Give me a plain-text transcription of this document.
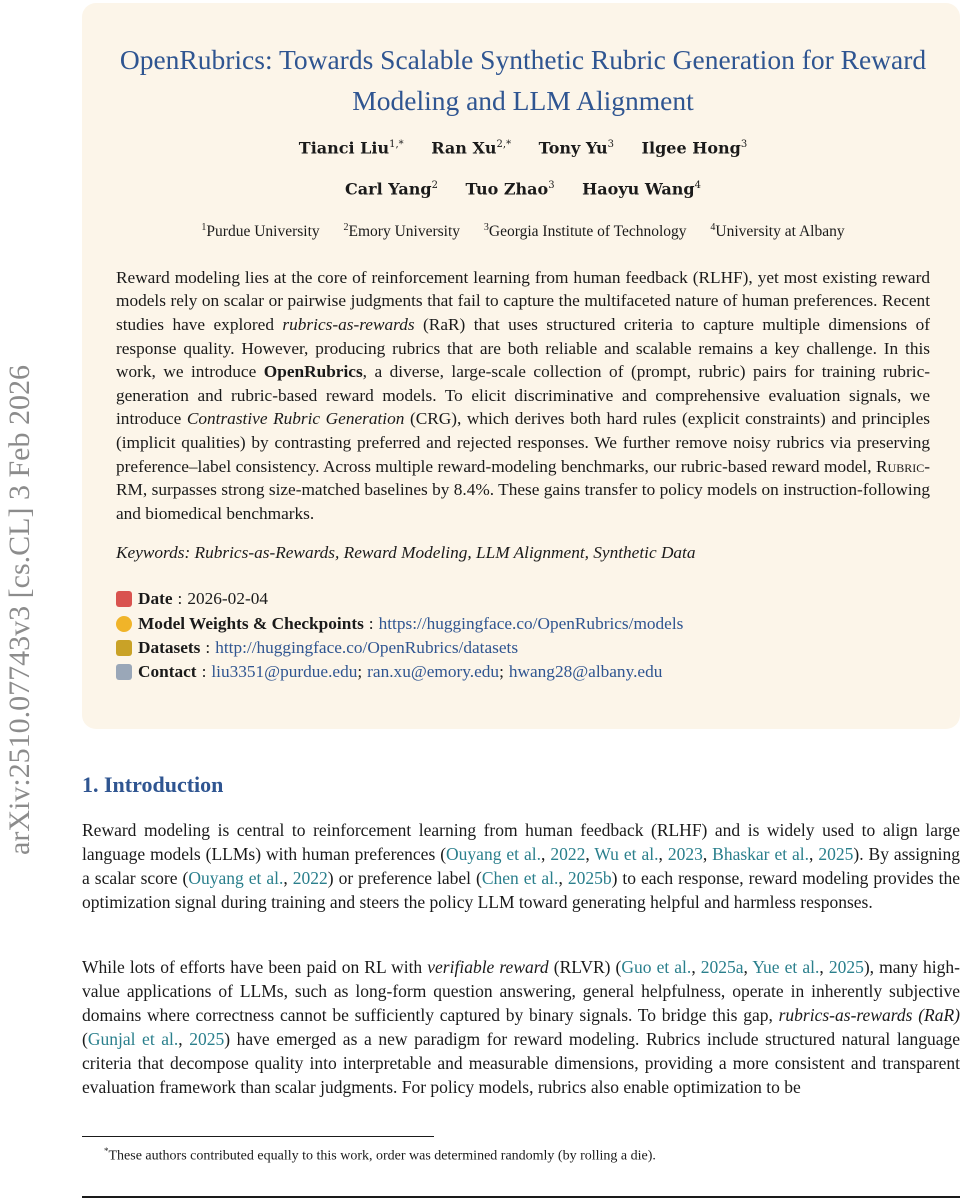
arXiv:2510.07743v3 [cs.CL] 3 Feb 2026
OpenRubrics: Towards Scalable Synthetic Rubric Generation for Reward Modeling and LLM Alignment
Tianci Liu$^{1,*}$ Ran $Xu^{2,*}$ Tony Yu$^3$ Ilgee Hong$^3$
Carl Yang$^2$ Tuo Zhao$^3$ Haoyu Wang$^4$
$^1$Purdue University $^2$Emory University $^3$Georgia Institute of Technology $^4$University at Albany

Reward modeling lies at the core of reinforcement learning from human feedback (RLHF), yet most existing reward models rely on scalar or pairwise judgments that fail to capture the multifaceted nature of human preferences. Recent studies have explored rubrics-as-rewards (RaR) that uses structured criteria to capture multiple dimensions of response quality. However, producing rubrics that are both reliable and scalable remains a key challenge. In this work, we introduce OpenRubrics, a diverse, large-scale collection of (prompt, rubric) pairs for training rubric-generation and rubric-based reward models. To elicit discriminative and comprehensive evaluation signals, we introduce Contrastive Rubric Generation (CRG), which derives both hard rules (explicit constraints) and principles (implicit qualities) by contrasting preferred and rejected responses. We further remove noisy rubrics via preserving preference–label consistency. Across multiple reward-modeling benchmarks, our rubric-based reward model, Rubric-RM, surpasses strong size-matched baselines by 8.4%. These gains transfer to policy models on instruction-following and biomedical benchmarks.

Keywords: Rubrics-as-Rewards, Reward Modeling, LLM Alignment, Synthetic Data
Date : 2026-02-04
Model Weights & Checkpoints : https://huggingface.co/OpenRubrics/models
Datasets : http://huggingface.co/OpenRubrics/datasets
Contact : liu3351@purdue.edu ; ran.xu@emory.edu ; hwang28@albany.edu
1. Introduction

Reward modeling is central to reinforcement learning from human feedback (RLHF) and is widely used to align large language models (LLMs) with human preferences (Ouyang et al., 2022, Wu et al., 2023, Bhaskar et al., 2025). By assigning a scalar score (Ouyang et al., 2022) or preference label (Chen et al., 2025b) to each response, reward modeling provides the optimization signal during training and steers the policy LLM toward generating helpful and harmless responses.

While lots of efforts have been paid on RL with verifiable reward (RLVR) (Guo et al., 2025a, Yue et al., 2025), many high-value applications of LLMs, such as long-form question answering, general helpfulness, operate in inherently subjective domains where correctness cannot be sufficiently captured by binary signals. To bridge this gap, rubrics-as-rewards (RaR) (Gunjal et al., 2025) have emerged as a new paradigm for reward modeling. Rubrics include structured natural language criteria that decompose quality into interpretable and measurable dimensions, providing a more consistent and transparent evaluation framework than scalar judgments. For policy models, rubrics also enable optimization to be

*These authors contributed equally to this work, order was determined randomly (by rolling a die).
